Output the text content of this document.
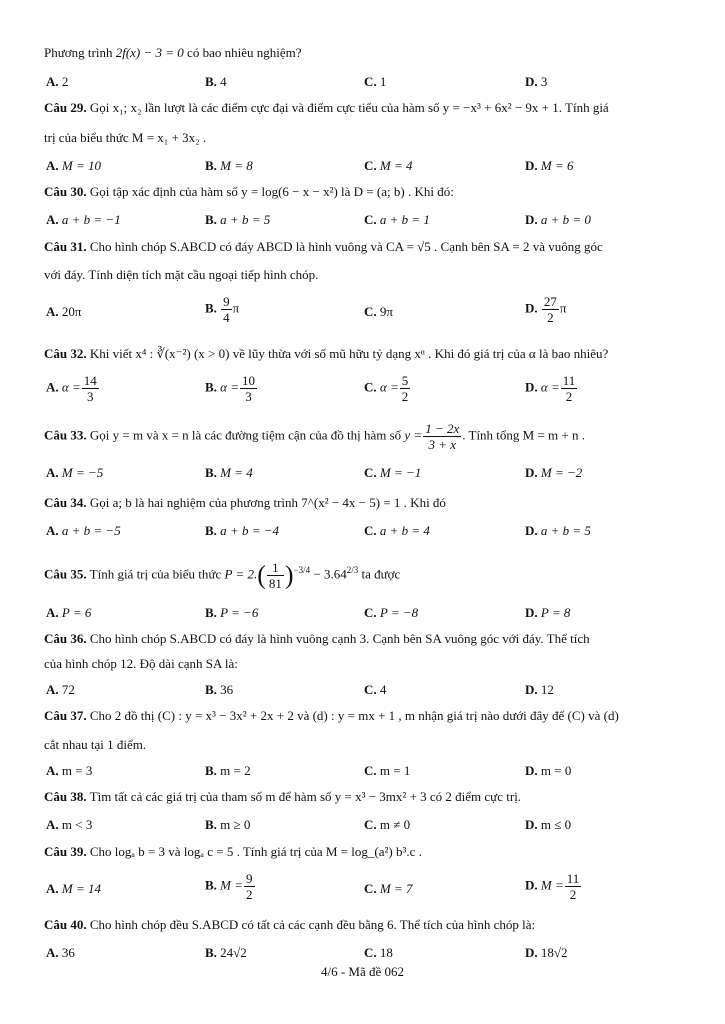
Phương trình 2f(x) − 3 = 0 có bao nhiêu nghiệm?
A. 2	B. 4	C. 1	D. 3
Câu 29. Gọi x₁; x₂ lần lượt là các điểm cực đại và điểm cực tiểu của hàm số y = −x³ + 6x² − 9x + 1. Tính giá
trị của biểu thức M = x₁ + 3x₂ .
A. M = 10	B. M = 8	C. M = 4	D. M = 6
Câu 30. Gọi tập xác định của hàm số y = log(6 − x − x²) là D = (a; b) . Khi đó:
A. a + b = −1	B. a + b = 5	C. a + b = 1	D. a + b = 0
Câu 31. Cho hình chóp S.ABCD có đáy ABCD là hình vuông và CA = √5 . Cạnh bên SA = 2 và vuông góc
với đáy. Tính diện tích mặt cầu ngoại tiếp hình chóp.
A. 20π	B. $\frac{9}{4}$ π	C. 9π	D. $\frac{27}{2}$ π
Câu 32. Khi viết x⁴ : ∛(x⁻²) (x > 0) về lũy thừa với số mũ hữu tỷ dạng xᵅ . Khi đó giá trị của α là bao nhiêu?
A. $\alpha = \frac{14}{3}$	B. $\alpha = \frac{10}{3}$	C. $\alpha = \frac{5}{2}$	D. $\alpha = \frac{11}{2}$
Câu 33. Gọi y = m và x = n là các đường tiệm cận của đồ thị hàm số $y = \frac{1 - 2x}{3 + x}$ . Tính tổng M = m + n .
A. M = −5	B. M = 4	C. M = −1	D. M = −2
Câu 34. Gọi a; b là hai nghiệm của phương trình 7^(x² − 4x − 5) = 1 . Khi đó
A. a + b = −5	B. a + b = −4	C. a + b = 4	D. a + b = 5
Câu 35. Tính giá trị của biểu thức $P = 2.( \frac{1}{81} )^{-3/4} - 3.64^{2/3}$ ta được
A. P = 6	B. P = −6	C. P = −8	D. P = 8
Câu 36. Cho hình chóp S.ABCD có đáy là hình vuông cạnh 3. Cạnh bên SA vuông góc với đáy. Thể tích
của hình chóp 12. Độ dài cạnh SA là:
A. 72	B. 36	C. 4	D. 12
Câu 37. Cho 2 đồ thị (C) : y = x³ − 3x² + 2x + 2 và (d) : y = mx + 1 , m nhận giá trị nào dưới đây để (C) và (d)
cắt nhau tại 1 điểm.
A. m = 3	B. m = 2	C. m = 1	D. m = 0
Câu 38. Tìm tất cả các giá trị của tham số m để hàm số y = x³ − 3mx² + 3 có 2 điểm cực trị.
A. m < 3	B. m ≥ 0	C. m ≠ 0	D. m ≤ 0
Câu 39. Cho logₐ b = 3 và logₐ c = 5 . Tính giá trị của M = log_(a²) b³.c .
A. M = 14	B. $M = \frac{9}{2}$	C. M = 7	D. $M = \frac{11}{2}$
Câu 40. Cho hình chóp đều S.ABCD có tất cả các cạnh đều bằng 6. Thể tích của hình chóp là:
A. 36	B. 24√2	C. 18	D. 18√2
4/6 - Mã đề 062
